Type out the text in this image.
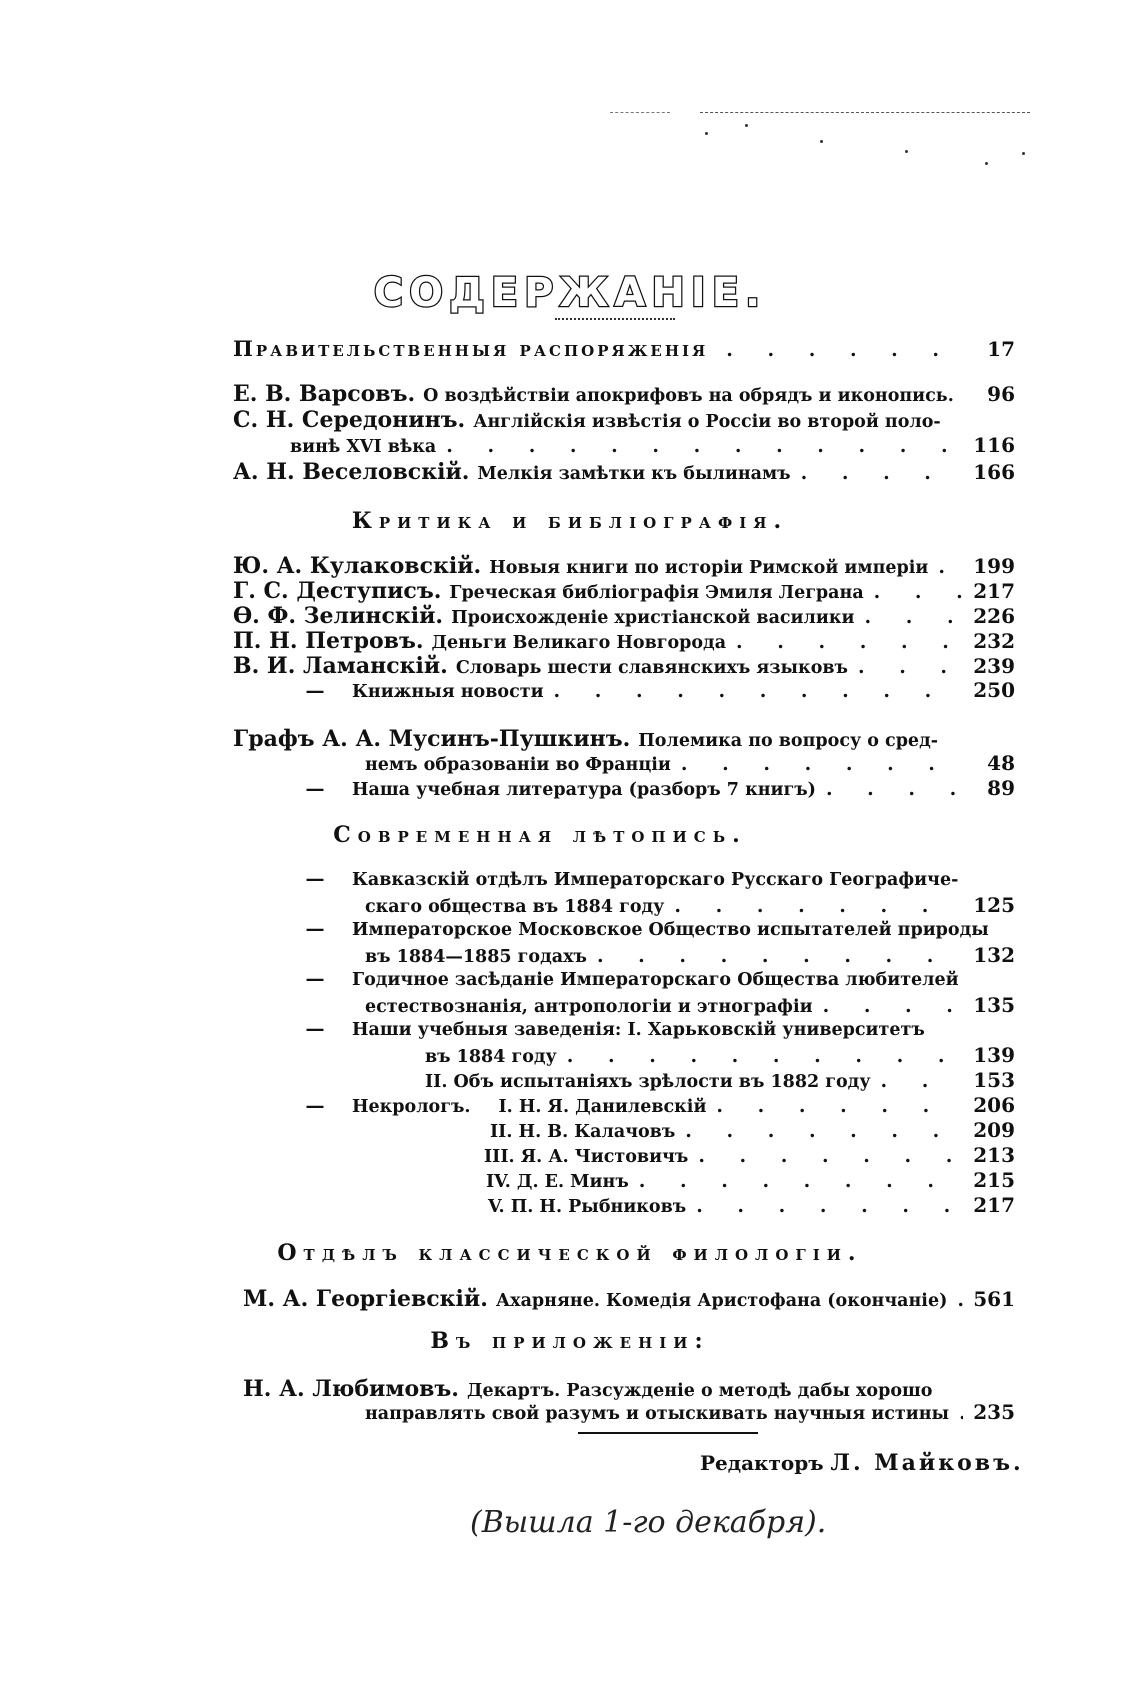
СОДЕРЖАНІЕ.
Правительственныя распоряженія . . .	17
Е. В. Варсовъ. О воздѣйствіи апокрифовъ на обрядъ и иконопись.	96
С. Н. Середонинъ. Англійскія извѣстія о Россіи во второй поло-
винѣ XVI вѣка . . .	116
А. Н. Веселовскій. Мелкія замѣтки къ былинамъ . . .	166
Критика и библіографія.
Ю. А. Кулаковскій. Новыя книги по исторіи Римской имперіи . . . 199
Г. С. Деступисъ. Греческая библіографія Эмиля Леграна . . .	217
Ѳ. Ф. Зелинскій. Происхожденіе христіанской василики . . .	226
П. Н. Петровъ. Деньги Великаго Новгорода . . .	232
В. И. Ламанскій. Словарь шести славянскихъ языковъ . . .	239
—	Книжныя новости . . .	250
Графъ А. А. Мусинъ-Пушкинъ. Полемика по вопросу о сред-
немъ образованіи во Франціи . . .	48
—	Наша учебная литература (разборъ 7 книгъ) . . .	89
Современная лѣтопись.
—	Кавказскій отдѣлъ Императорскаго Русскаго Географиче-
скаго общества въ 1884 году . . .	125
—	Императорское Московское Общество испытателей природы
въ 1884—1885 годахъ . . .	132
—	Годичное засѣданіе Императорскаго Общества любителей
естествознанія, антропологіи и этнографіи . . .	135
—	Наши учебныя заведенія: I. Харьковскій университетъ
въ 1884 году . . .	139
II. Объ испытаніяхъ зрѣлости въ 1882 году . . .	153
—	Некрологъ. I. Н. Я. Данилевскій . . .	206
II. Н. В. Калачовъ . . .	209
III. Я. А. Чистовичъ . . .	213
IV. Д. Е. Минъ . . .	215
V. П. Н. Рыбниковъ . . .	217
Отдѣлъ классической филологіи.
М. А. Георгіевскій. Ахарняне. Комедія Аристофана (окончаніе) . . . 561
Въ приложеніи:
Н. А. Любимовъ. Декартъ. Разсужденіе о методѣ дабы хорошо
направлять свой разумъ и отыскивать научныя истины . . . 235
Редакторъ Л. Майковъ.
(Вышла 1-го декабря).
